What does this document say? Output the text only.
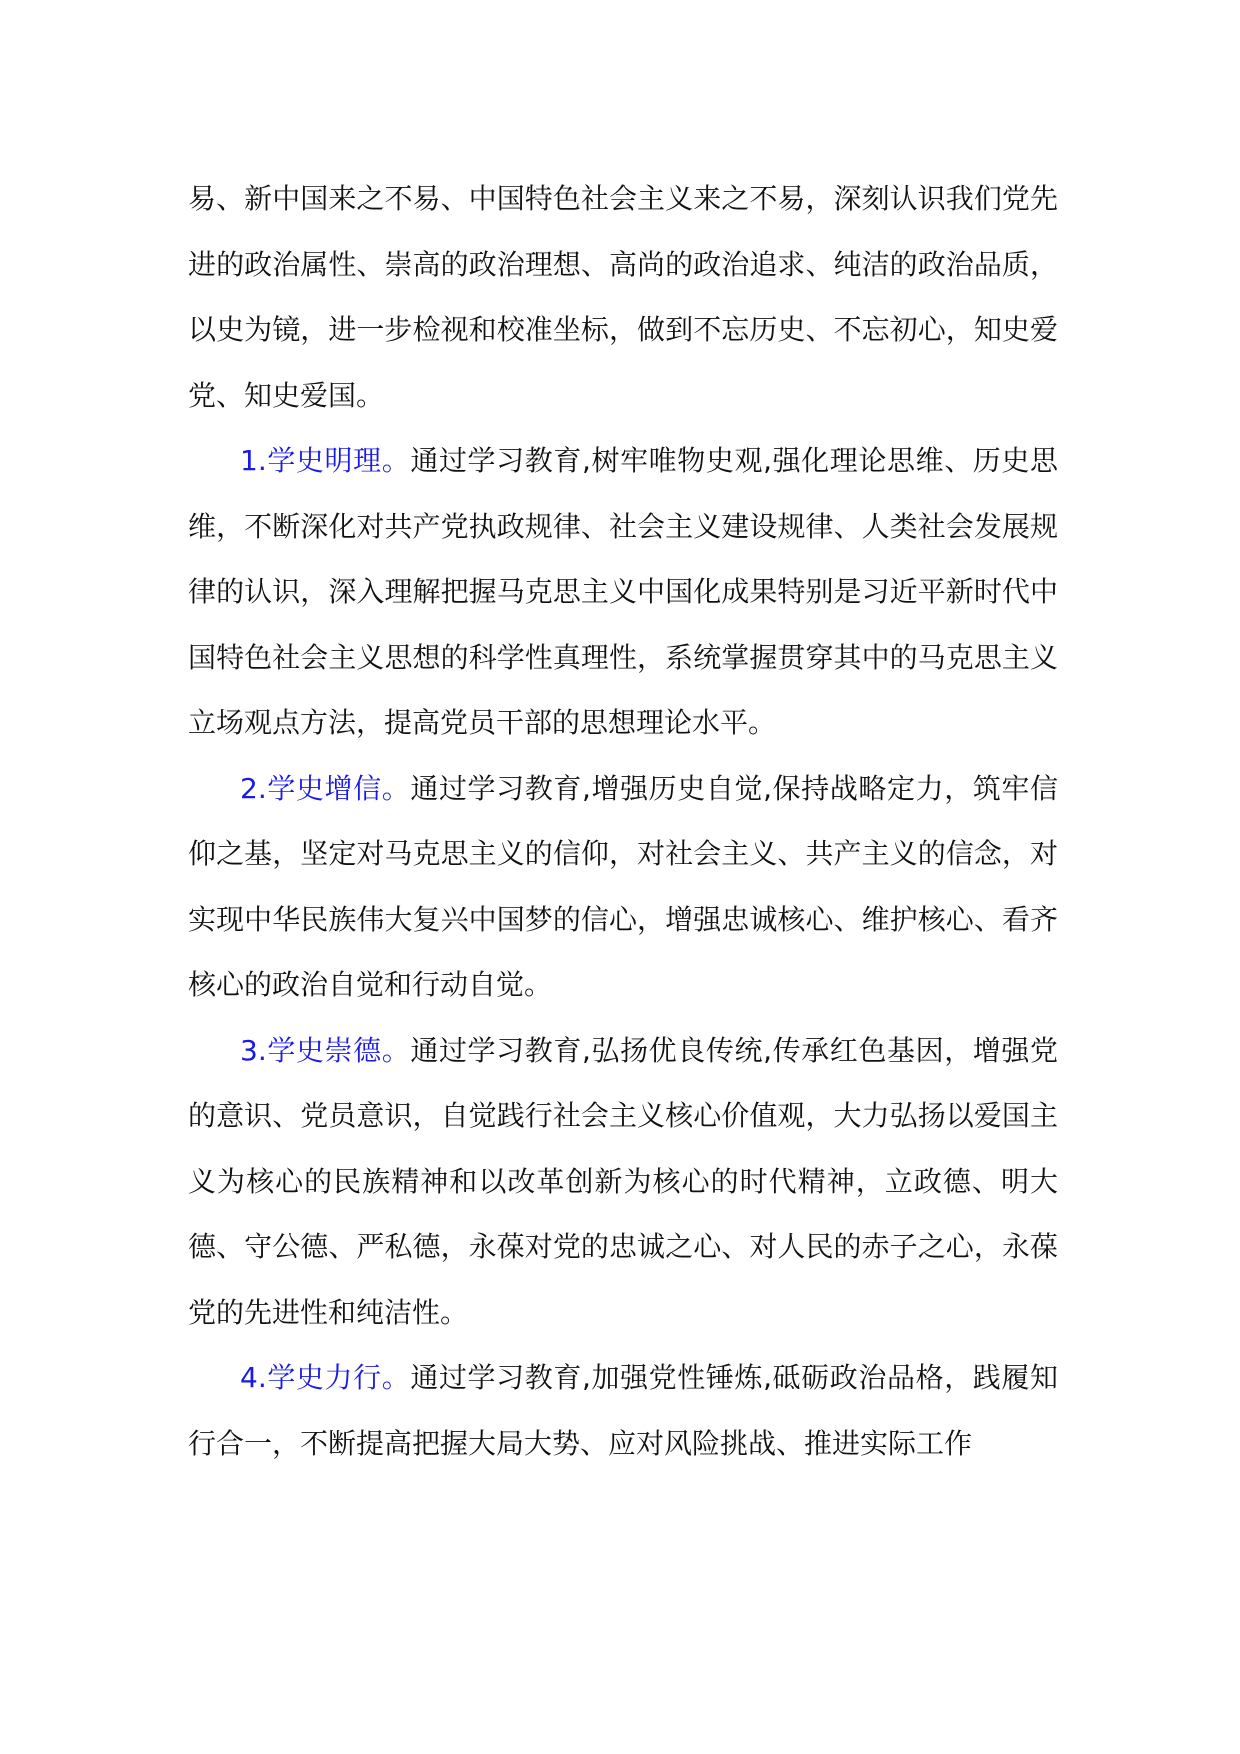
易、新中国来之不易、中国特色社会主义来之不易，深刻认识我们党先进的政治属性、崇高的政治理想、高尚的政治追求、纯洁的政治品质，以史为镜，进一步检视和校准坐标，做到不忘历史、不忘初心，知史爱党、知史爱国。

1.学史明理。通过学习教育,树牢唯物史观,强化理论思维、历史思维，不断深化对共产党执政规律、社会主义建设规律、人类社会发展规律的认识，深入理解把握马克思主义中国化成果特别是习近平新时代中国特色社会主义思想的科学性真理性，系统掌握贯穿其中的马克思主义立场观点方法，提高党员干部的思想理论水平。

2.学史增信。通过学习教育,增强历史自觉,保持战略定力，筑牢信仰之基，坚定对马克思主义的信仰，对社会主义、共产主义的信念，对实现中华民族伟大复兴中国梦的信心，增强忠诚核心、维护核心、看齐核心的政治自觉和行动自觉。

3.学史崇德。通过学习教育,弘扬优良传统,传承红色基因，增强党的意识、党员意识，自觉践行社会主义核心价值观，大力弘扬以爱国主义为核心的民族精神和以改革创新为核心的时代精神，立政德、明大德、守公德、严私德，永葆对党的忠诚之心、对人民的赤子之心，永葆党的先进性和纯洁性。

4.学史力行。通过学习教育,加强党性锤炼,砥砺政治品格，践履知行合一，不断提高把握大局大势、应对风险挑战、推进实际工作
